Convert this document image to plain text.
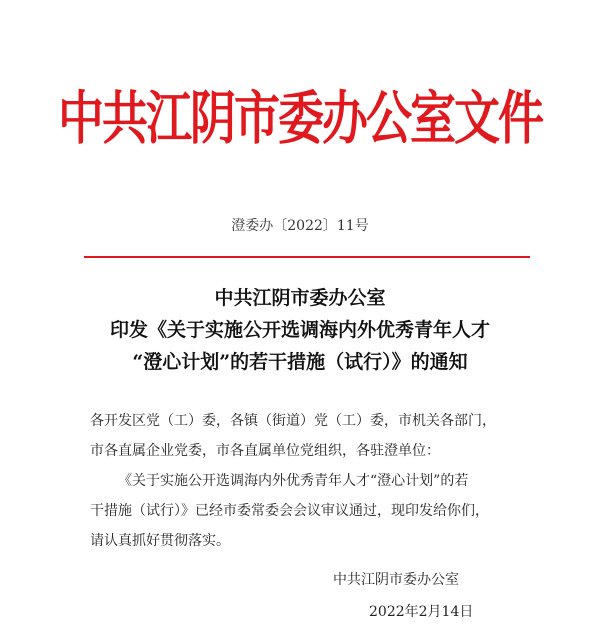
中共江阴市委办公室文件
澄委办〔2022〕11号
中共江阴市委办公室
印发《关于实施公开选调海内外优秀青年人才
“澄心计划”的若干措施（试行）》的通知

各开发区党（工）委，各镇（街道）党（工）委，市机关各部门，

市各直属企业党委，市各直属单位党组织，各驻澄单位：

《关于实施公开选调海内外优秀青年人才“澄心计划”的若

干措施（试行）》已经市委常委会会议审议通过，现印发给你们，

请认真抓好贯彻落实。

中共江阴市委办公室
2022年2月14日
